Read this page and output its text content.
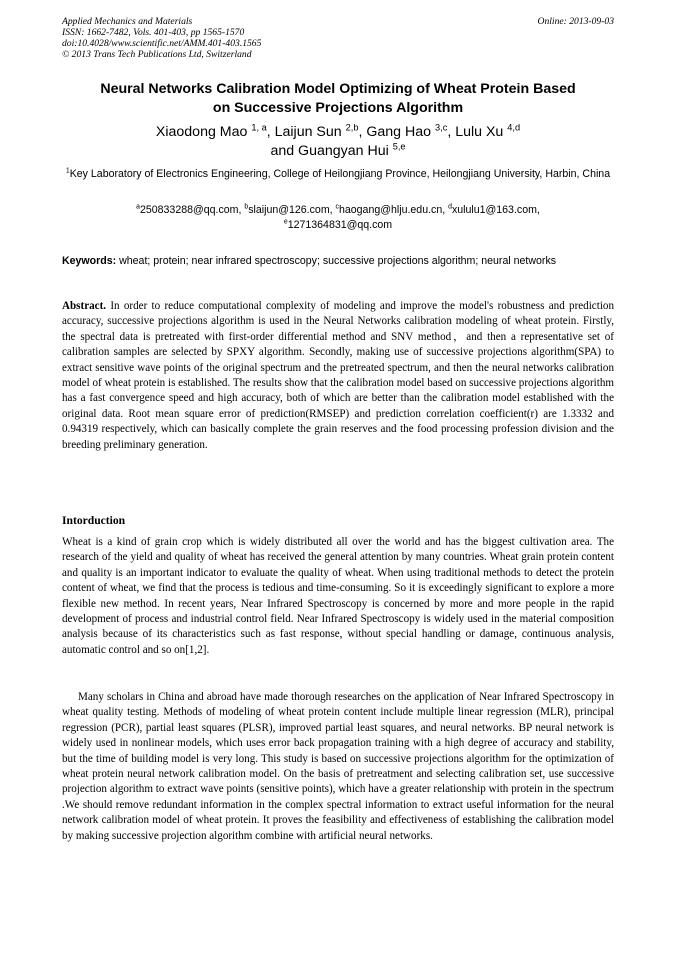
Applied Mechanics and Materials
ISSN: 1662-7482, Vols. 401-403, pp 1565-1570
doi:10.4028/www.scientific.net/AMM.401-403.1565
© 2013 Trans Tech Publications Ltd, Switzerland
Online: 2013-09-03
Neural Networks Calibration Model Optimizing of Wheat Protein Based
on Successive Projections Algorithm
Xiaodong Mao $^{1, a}$, Laijun Sun $^{2,b}$, Gang Hao $^{3,c}$, Lulu Xu $^{4,d}$
and Guangyan Hui $^{5,e}$
$^1$Key Laboratory of Electronics Engineering, College of Heilongjiang Province, Heilongjiang University, Harbin, China
$^a$250833288@qq.com, $^b$slaijun@126.com, $^c$haogang@hlju.edu.cn, $^d$xululu1@163.com,
$^e$1271364831@qq.com
Keywords: wheat; protein; near infrared spectroscopy; successive projections algorithm; neural networks
Abstract. In order to reduce computational complexity of modeling and improve the model's robustness and prediction accuracy, successive projections algorithm is used in the Neural Networks calibration modeling of wheat protein. Firstly, the spectral data is pretreated with first-order differential method and SNV method，and then a representative set of calibration samples are selected by SPXY algorithm. Secondly, making use of successive projections algorithm(SPA) to extract sensitive wave points of the original spectrum and the pretreated spectrum, and then the neural networks calibration model of wheat protein is established. The results show that the calibration model based on successive projections algorithm has a fast convergence speed and high accuracy, both of which are better than the calibration model established with the original data. Root mean square error of prediction(RMSEP) and prediction correlation coefficient(r) are 1.3332 and 0.94319 respectively, which can basically complete the grain reserves and the food processing profession division and the breeding preliminary generation.
Intorduction
Wheat is a kind of grain crop which is widely distributed all over the world and has the biggest cultivation area. The research of the yield and quality of wheat has received the general attention by many countries. Wheat grain protein content and quality is an important indicator to evaluate the quality of wheat. When using traditional methods to detect the protein content of wheat, we find that the process is tedious and time-consuming. So it is exceedingly significant to explore a more flexible new method. In recent years, Near Infrared Spectroscopy is concerned by more and more people in the rapid development of process and industrial control field. Near Infrared Spectroscopy is widely used in the material composition analysis because of its characteristics such as fast response, without special handling or damage, continuous analysis, automatic control and so on[1,2].
Many scholars in China and abroad have made thorough researches on the application of Near Infrared Spectroscopy in wheat quality testing. Methods of modeling of wheat protein content include multiple linear regression (MLR), principal regression (PCR), partial least squares (PLSR), improved partial least squares, and neural networks. BP neural network is widely used in nonlinear models, which uses error back propagation training with a high degree of accuracy and stability, but the time of building model is very long. This study is based on successive projections algorithm for the optimization of wheat protein neural network calibration model. On the basis of pretreatment and selecting calibration set, use successive projection algorithm to extract wave points (sensitive points), which have a greater relationship with protein in the spectrum .We should remove redundant information in the complex spectral information to extract useful information for the neural network calibration model of wheat protein. It proves the feasibility and effectiveness of establishing the calibration model by making successive projection algorithm combine with artificial neural networks.
